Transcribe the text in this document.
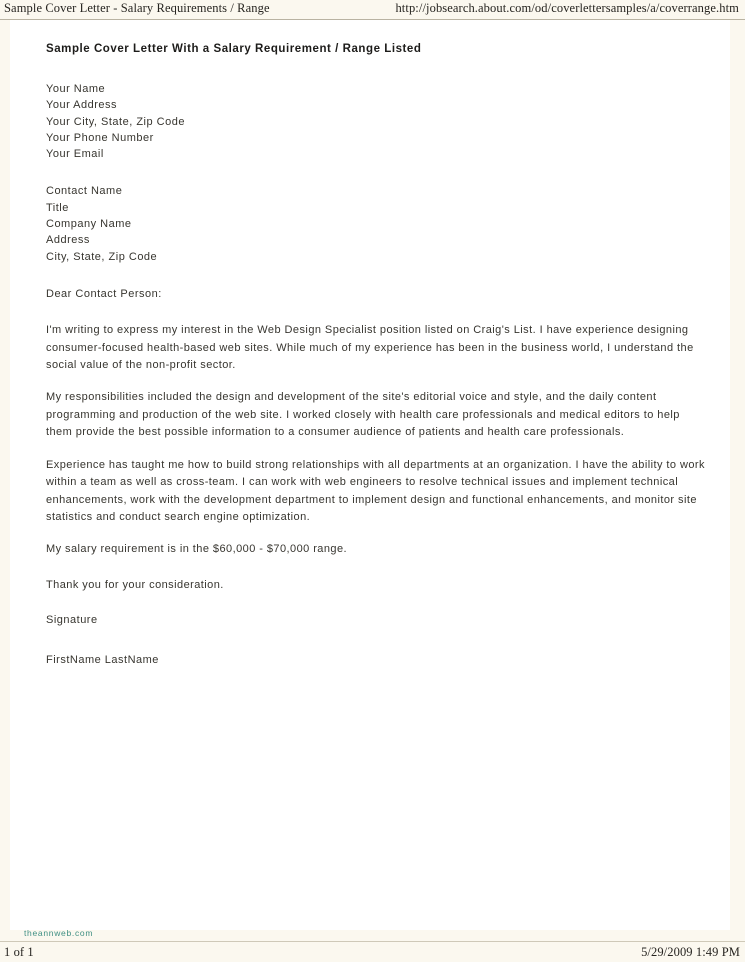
Sample Cover Letter - Salary Requirements / Range	http://jobsearch.about.com/od/coverlettersamples/a/coverrange.htm
Sample Cover Letter With a Salary Requirement / Range Listed
Your Name
Your Address
Your City, State, Zip Code
Your Phone Number
Your Email
Contact Name
Title
Company Name
Address
City, State, Zip Code
Dear Contact Person:

I'm writing to express my interest in the Web Design Specialist position listed on Craig's List. I have experience designing consumer-focused health-based web sites. While much of my experience has been in the business world, I understand the social value of the non-profit sector.

My responsibilities included the design and development of the site's editorial voice and style, and the daily content programming and production of the web site. I worked closely with health care professionals and medical editors to help them provide the best possible information to a consumer audience of patients and health care professionals.

Experience has taught me how to build strong relationships with all departments at an organization. I have the ability to work within a team as well as cross-team. I can work with web engineers to resolve technical issues and implement technical enhancements, work with the development department to implement design and functional enhancements, and monitor site statistics and conduct search engine optimization.

My salary requirement is in the $60,000 - $70,000 range.

Thank you for your consideration.

Signature
FirstName LastName
theannweb.com
1 of 1	5/29/2009 1:49 PM
